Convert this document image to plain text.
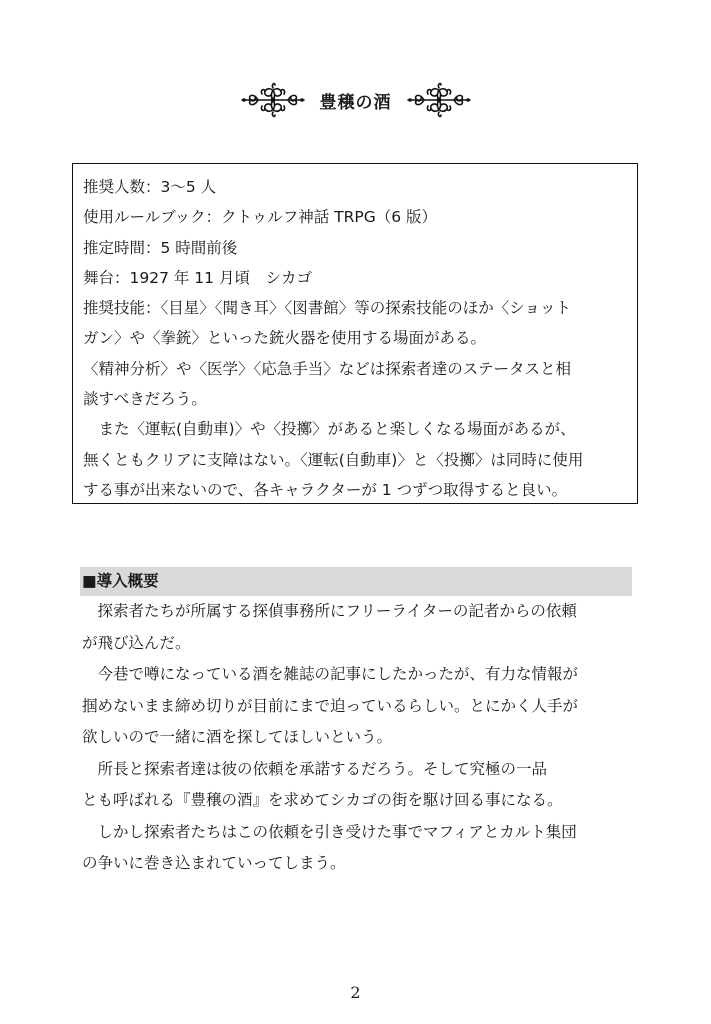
豊穣の酒
推奨人数：3〜5 人
使用ルールブック：クトゥルフ神話 TRPG（6 版）
推定時間：5 時間前後
舞台：1927 年 11 月頃　シカゴ
推奨技能：〈目星〉〈聞き耳〉〈図書館〉等の探索技能のほか〈ショット
ガン〉や〈拳銃〉といった銃火器を使用する場面がある。
〈精神分析〉や〈医学〉〈応急手当〉などは探索者達のステータスと相
談すべきだろう。
　また〈運転(自動車)〉や〈投擲〉があると楽しくなる場面があるが、
無くともクリアに支障はない。〈運転(自動車)〉と〈投擲〉は同時に使用
する事が出来ないので、各キャラクターが 1 つずつ取得すると良い。
■導入概要
　探索者たちが所属する探偵事務所にフリーライターの記者からの依頼
が飛び込んだ。
　今巷で噂になっている酒を雑誌の記事にしたかったが、有力な情報が
掴めないまま締め切りが目前にまで迫っているらしい。とにかく人手が
欲しいので一緒に酒を探してほしいという。
　所長と探索者達は彼の依頼を承諾するだろう。そして究極の一品
とも呼ばれる『豊穣の酒』を求めてシカゴの街を駆け回る事になる。
　しかし探索者たちはこの依頼を引き受けた事でマフィアとカルト集団
の争いに巻き込まれていってしまう。
2
